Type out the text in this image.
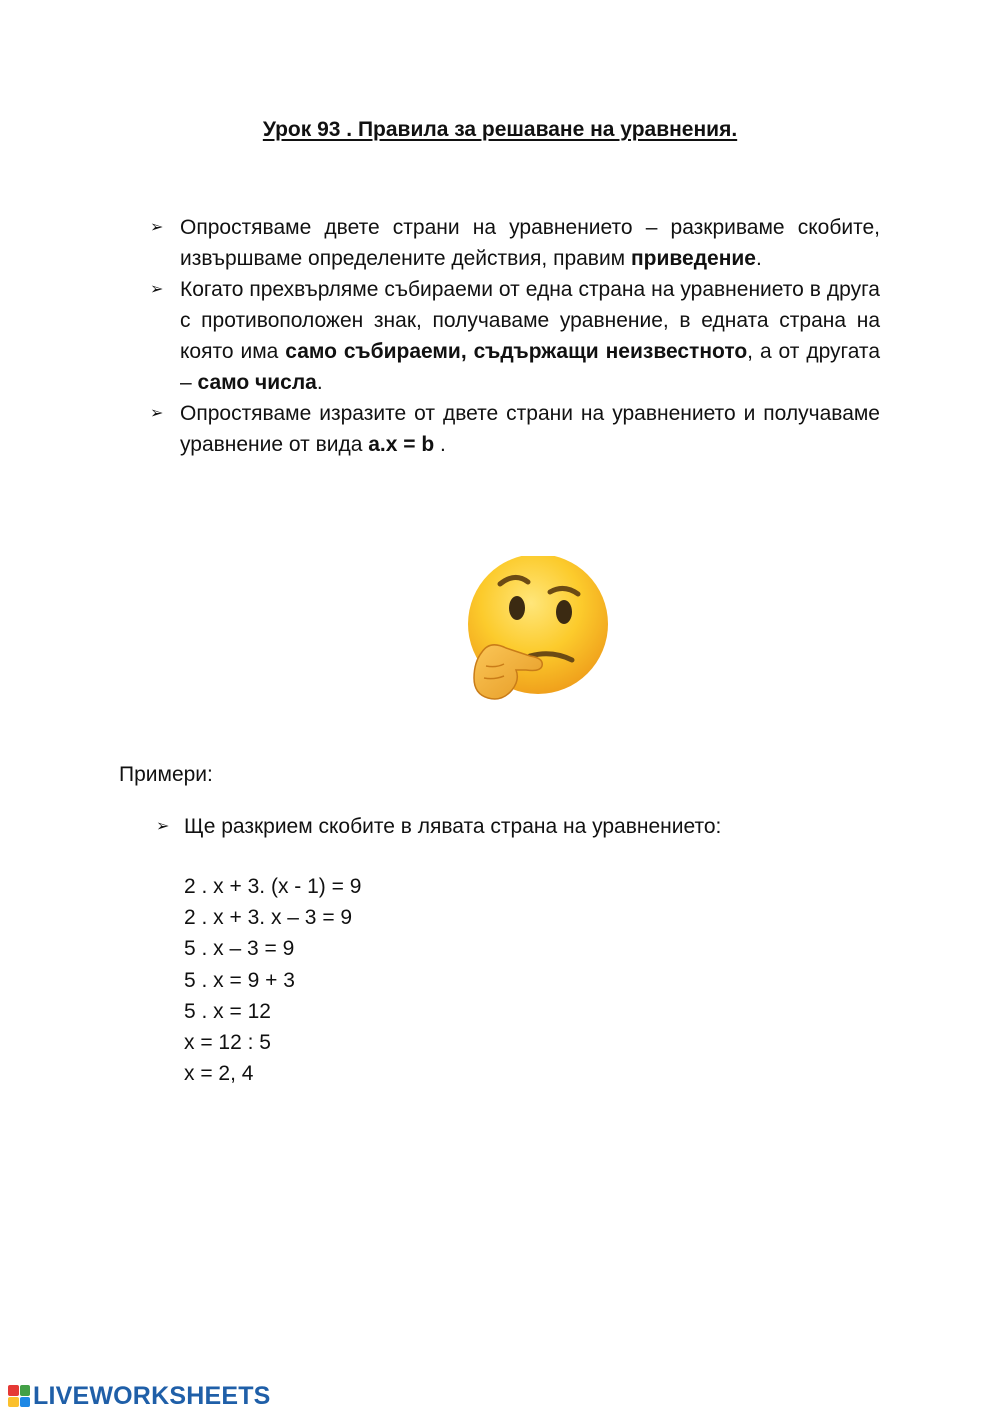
Урок 93 . Правила за решаване на уравнения.
➢ Опростяваме двете страни на уравнението – разкриваме скобите, извършваме определените действия, правим приведение.
➢ Когато прехвърляме събираеми от една страна на уравнението в друга с противоположен знак, получаваме уравнение, в едната страна на която има само събираеми, съдържащи неизвестното, а от другата – само числа.
➢ Опростяваме изразите от двете страни на уравнението и получаваме уравнение от вида a.x = b .
Примери:
➢ Ще разкрием скобите в лявата страна на уравнението:
2 . x + 3. (x - 1) = 9
2 . x + 3. x – 3 = 9
5 . x – 3 = 9
5 . x = 9 + 3
5 . x = 12
x = 12 : 5
x = 2, 4
LIVEWORKSHEETS
